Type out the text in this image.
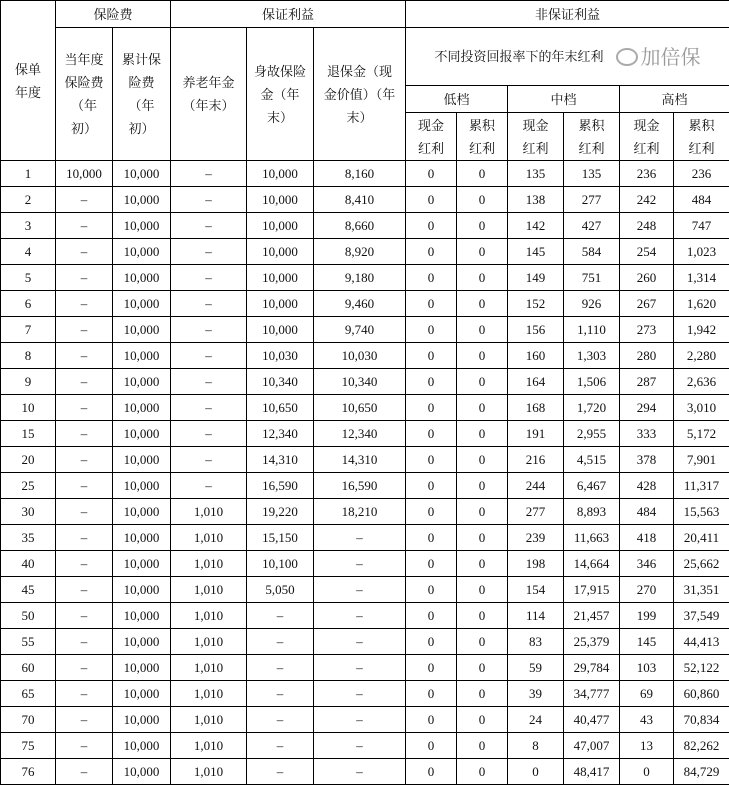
保单年度	保险费		保证利益			非保证利益					
	当年度保险费（年初）	累计保险费（年初）	养老年金（年末）	身故保险金（年末）	退保金（现金价值）（年末）	不同投资回报率下的年末红利 加倍保					

						低档		中档		高档	
						现金红利	累积红利	现金红利	累积红利	现金红利	累积红利
1	10,000	10,000	–	10,000	8,160	0	0	135	135	236	236
2	–	10,000	–	10,000	8,410	0	0	138	277	242	484
3	–	10,000	–	10,000	8,660	0	0	142	427	248	747
4	–	10,000	–	10,000	8,920	0	0	145	584	254	1,023
5	–	10,000	–	10,000	9,180	0	0	149	751	260	1,314
6	–	10,000	–	10,000	9,460	0	0	152	926	267	1,620
7	–	10,000	–	10,000	9,740	0	0	156	1,110	273	1,942
8	–	10,000	–	10,030	10,030	0	0	160	1,303	280	2,280
9	–	10,000	–	10,340	10,340	0	0	164	1,506	287	2,636
10	–	10,000	–	10,650	10,650	0	0	168	1,720	294	3,010
15	–	10,000	–	12,340	12,340	0	0	191	2,955	333	5,172
20	–	10,000	–	14,310	14,310	0	0	216	4,515	378	7,901
25	–	10,000	–	16,590	16,590	0	0	244	6,467	428	11,317
30	–	10,000	1,010	19,220	18,210	0	0	277	8,893	484	15,563
35	–	10,000	1,010	15,150	–	0	0	239	11,663	418	20,411
40	–	10,000	1,010	10,100	–	0	0	198	14,664	346	25,662
45	–	10,000	1,010	5,050	–	0	0	154	17,915	270	31,351
50	–	10,000	1,010	–	–	0	0	114	21,457	199	37,549
55	–	10,000	1,010	–	–	0	0	83	25,379	145	44,413
60	–	10,000	1,010	–	–	0	0	59	29,784	103	52,122
65	–	10,000	1,010	–	–	0	0	39	34,777	69	60,860
70	–	10,000	1,010	–	–	0	0	24	40,477	43	70,834
75	–	10,000	1,010	–	–	0	0	8	47,007	13	82,262
76	–	10,000	1,010	–	–	0	0	0	48,417	0	84,729
